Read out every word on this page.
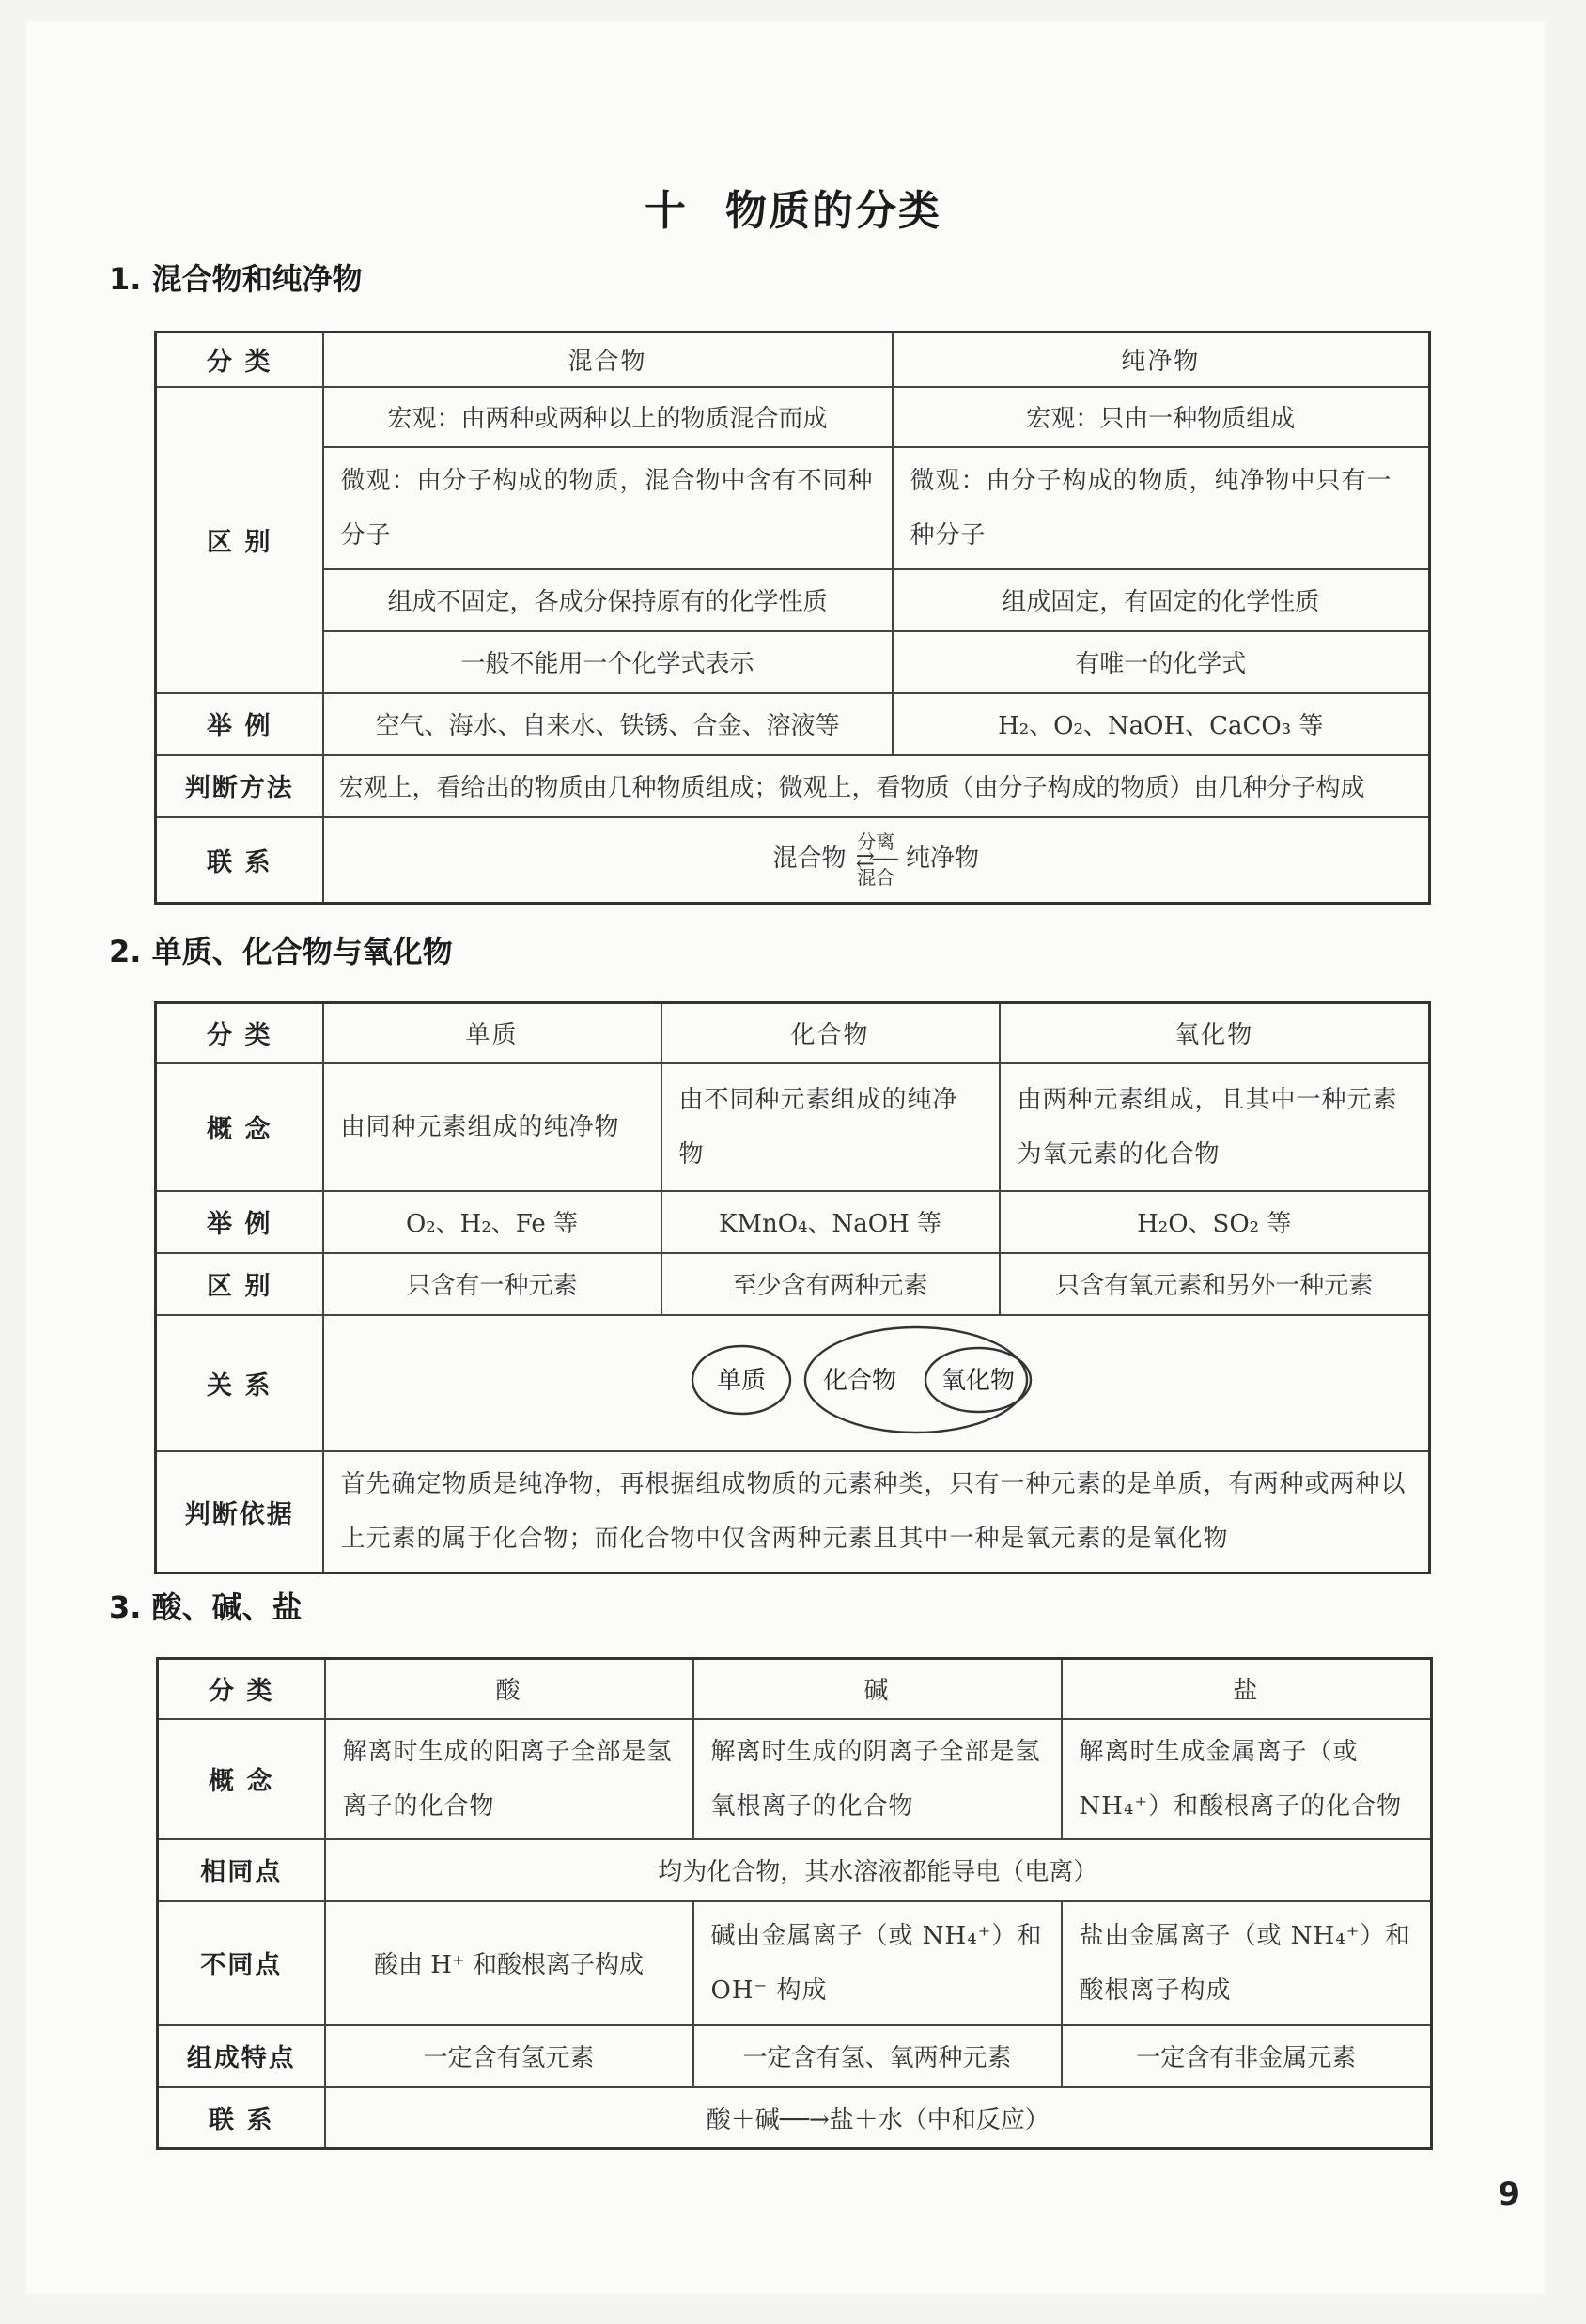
十 物质的分类
1. 混合物和纯净物
分 类	混合物	纯净物
区 别	宏观：由两种或两种以上的物质混合而成	宏观：只由一种物质组成
	微观：由分子构成的物质，混合物中含有不同种分子	微观：由分子构成的物质，纯净物中只有一种分子
	组成不固定，各成分保持原有的化学性质	组成固定，有固定的化学性质
	一般不能用一个化学式表示	有唯一的化学式
举 例	空气、海水、自来水、铁锈、合金、溶液等	H₂、O₂、NaOH、CaCO₃ 等
判断方法	宏观上，看给出的物质由几种物质组成；微观上，看物质（由分子构成的物质）由几种分子构成	
联 系	混合物
分离
⇄──
混合
纯净物	
2. 单质、化合物与氧化物
分 类	单质	化合物	氧化物
概 念	由同种元素组成的纯净物	由不同种元素组成的纯净物	由两种元素组成，且其中一种元素为氧元素的化合物
举 例	O₂、H₂、Fe 等	KMnO₄、NaOH 等	H₂O、SO₂ 等
区 别	只含有一种元素	至少含有两种元素	只含有氧元素和另外一种元素
关 系	单质 化合物 氧化物		

判断依据	首先确定物质是纯净物，再根据组成物质的元素种类，只有一种元素的是单质，有两种或两种以上元素的属于化合物；而化合物中仅含两种元素且其中一种是氧元素的是氧化物		
3. 酸、碱、盐
分 类	酸	碱	盐
概 念	解离时生成的阳离子全部是氢离子的化合物	解离时生成的阴离子全部是氢氧根离子的化合物	解离时生成金属离子（或NH₄⁺）和酸根离子的化合物
相同点	均为化合物，其水溶液都能导电（电离）		
不同点	酸由 H⁺ 和酸根离子构成	碱由金属离子（或 NH₄⁺）和 OH⁻ 构成	盐由金属离子（或 NH₄⁺）和酸根离子构成
组成特点	一定含有氢元素	一定含有氢、氧两种元素	一定含有非金属元素
联 系	酸＋碱──→盐＋水（中和反应）		
9
